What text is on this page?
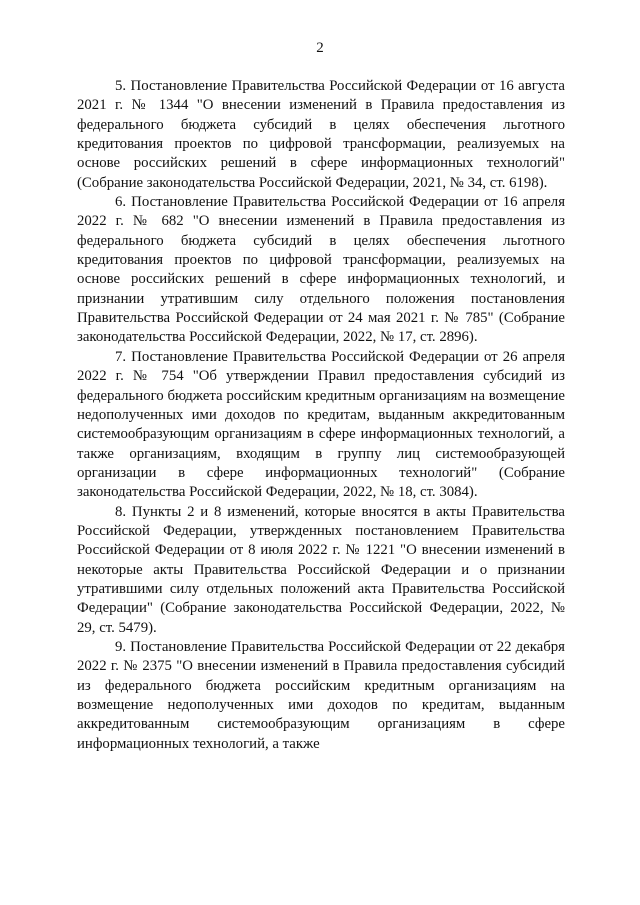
2

5. Постановление Правительства Российской Федерации от 16 августа 2021 г. № 1344 "О внесении изменений в Правила предоставления из федерального бюджета субсидий в целях обеспечения льготного кредитования проектов по цифровой трансформации, реализуемых на основе российских решений в сфере информационных технологий" (Собрание законодательства Российской Федерации, 2021, № 34, ст. 6198).

6. Постановление Правительства Российской Федерации от 16 апреля 2022 г. № 682 "О внесении изменений в Правила предоставления из федерального бюджета субсидий в целях обеспечения льготного кредитования проектов по цифровой трансформации, реализуемых на основе российских решений в сфере информационных технологий, и признании утратившим силу отдельного положения постановления Правительства Российской Федерации от 24 мая 2021 г. № 785" (Собрание законодательства Российской Федерации, 2022, № 17, ст. 2896).

7. Постановление Правительства Российской Федерации от 26 апреля 2022 г. № 754 "Об утверждении Правил предоставления субсидий из федерального бюджета российским кредитным организациям на возмещение недополученных ими доходов по кредитам, выданным аккредитованным системообразующим организациям в сфере информационных технологий, а также организациям, входящим в группу лиц системообразующей организации в сфере информационных технологий" (Собрание законодательства Российской Федерации, 2022, № 18, ст. 3084).

8. Пункты 2 и 8 изменений, которые вносятся в акты Правительства Российской Федерации, утвержденных постановлением Правительства Российской Федерации от 8 июля 2022 г. № 1221 "О внесении изменений в некоторые акты Правительства Российской Федерации и о признании утратившими силу отдельных положений акта Правительства Российской Федерации" (Собрание законодательства Российской Федерации, 2022, № 29, ст. 5479).

9. Постановление Правительства Российской Федерации от 22 декабря 2022 г. № 2375 "О внесении изменений в Правила предоставления субсидий из федерального бюджета российским кредитным организациям на возмещение недополученных ими доходов по кредитам, выданным аккредитованным системообразующим организациям в сфере информационных технологий, а также
